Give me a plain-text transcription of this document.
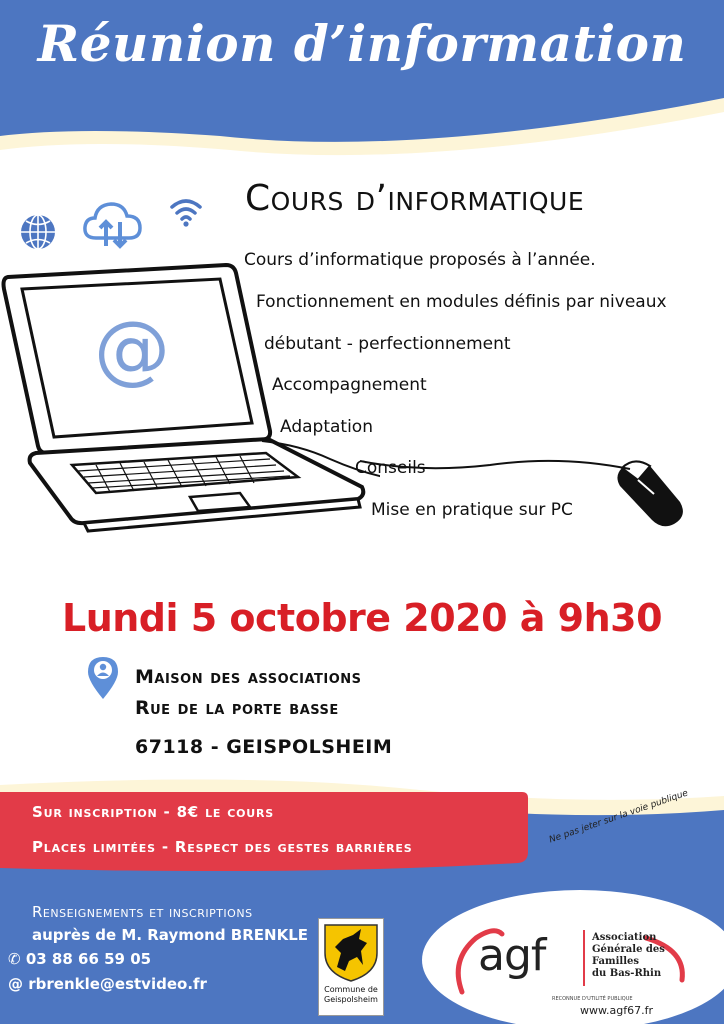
Réunion d’information
Cours d’informatique
@
Cours d’informatique proposés à l’année.
Fonctionnement en modules définis par niveaux
débutant - perfectionnement
Accompagnement
Adaptation
Conseils
Mise en pratique sur PC
Lundi 5 octobre 2020 à 9h30
Maison des associations
Rue de la porte basse
67118 - GEISPOLSHEIM
Sur inscription - 8€ le cours
Places limitées - Respect des gestes barrières
Ne pas jeter sur la voie publique
Renseignements et inscriptions
auprès de M. Raymond BRENKLE
✆ 03 88 66 59 05
@ rbrenkle@estvideo.fr	Commune de
Geispolsheim
agf	Association
Générale des
Familles
du Bas-Rhin
RECONNUE D'UTILITÉ PUBLIQUE
www.agf67.fr
